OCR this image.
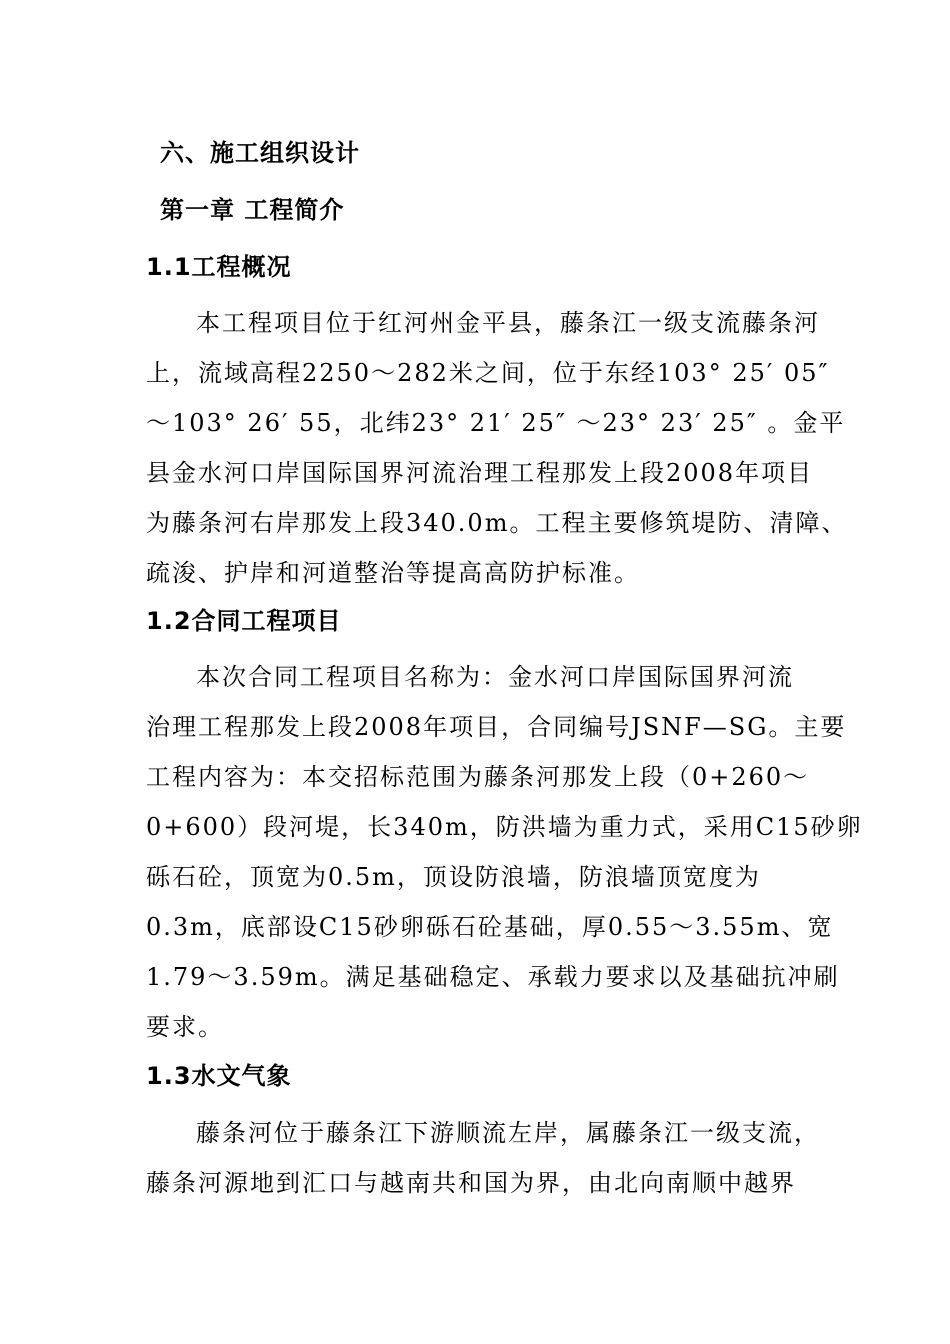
六、施工组织设计
第一章 工程简介
1.1工程概况
本工程项目位于红河州金平县，藤条江一级支流藤条河
上，流域高程2250～282米之间，位于东经103° 25′ 05″
～103° 26′ 55，北纬23° 21′ 25″ ～23° 23′ 25″ 。金平
县金水河口岸国际国界河流治理工程那发上段2008年项目
为藤条河右岸那发上段340.0m。工程主要修筑堤防、清障、
疏浚、护岸和河道整治等提高高防护标准。
1.2合同工程项目
本次合同工程项目名称为：金水河口岸国际国界河流
治理工程那发上段2008年项目，合同编号JSNF—SG。主要
工程内容为：本交招标范围为藤条河那发上段（0+260～
0+600）段河堤，长340m，防洪墙为重力式，采用C15砂卵
砾石砼，顶宽为0.5m，顶设防浪墙，防浪墙顶宽度为
0.3m，底部设C15砂卵砾石砼基础，厚0.55～3.55m、宽
1.79～3.59m。满足基础稳定、承载力要求以及基础抗冲刷
要求。
1.3水文气象
藤条河位于藤条江下游顺流左岸，属藤条江一级支流，
藤条河源地到汇口与越南共和国为界，由北向南顺中越界
